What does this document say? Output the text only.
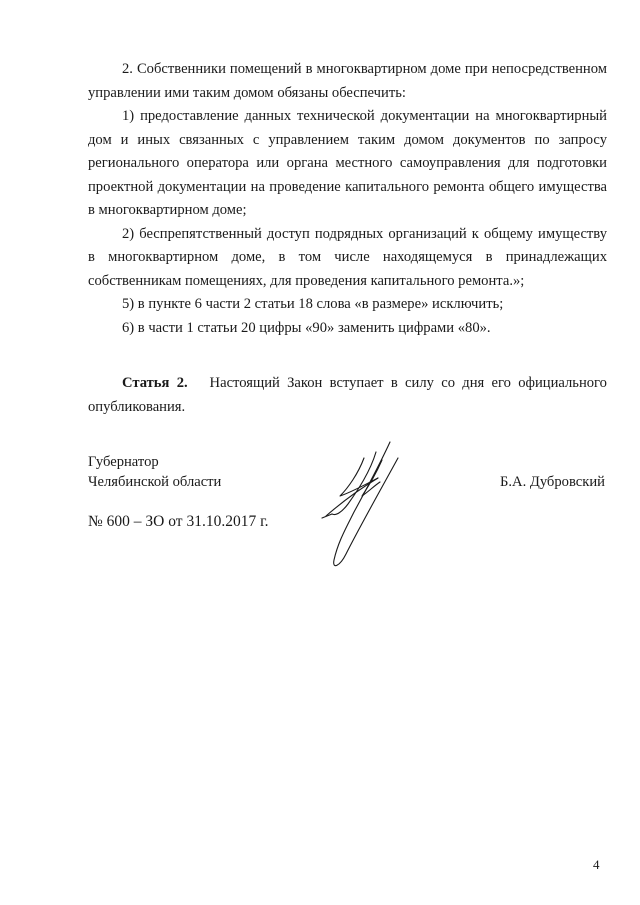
2. Собственники помещений в многоквартирном доме при непосредственном управлении ими таким домом обязаны обеспечить:

1) предоставление данных технической документации на многоквартирный дом и иных связанных с управлением таким домом документов по запросу регионального оператора или органа местного самоуправления для подготовки проектной документации на проведение капитального ремонта общего имущества в многоквартирном доме;

2) беспрепятственный доступ подрядных организаций к общему имуществу в многоквартирном доме, в том числе находящемуся в принадлежащих собственникам помещениях, для проведения капитального ремонта.»;

5) в пункте 6 части 2 статьи 18 слова «в размере» исключить;

6) в части 1 статьи 20 цифры «90» заменить цифрами «80».

Статья 2. Настоящий Закон вступает в силу со дня его официального опубликования.

Губернатор
Челябинской области	Б.А. Дубровский
№ 600 – ЗО от 31.10.2017 г.
4
